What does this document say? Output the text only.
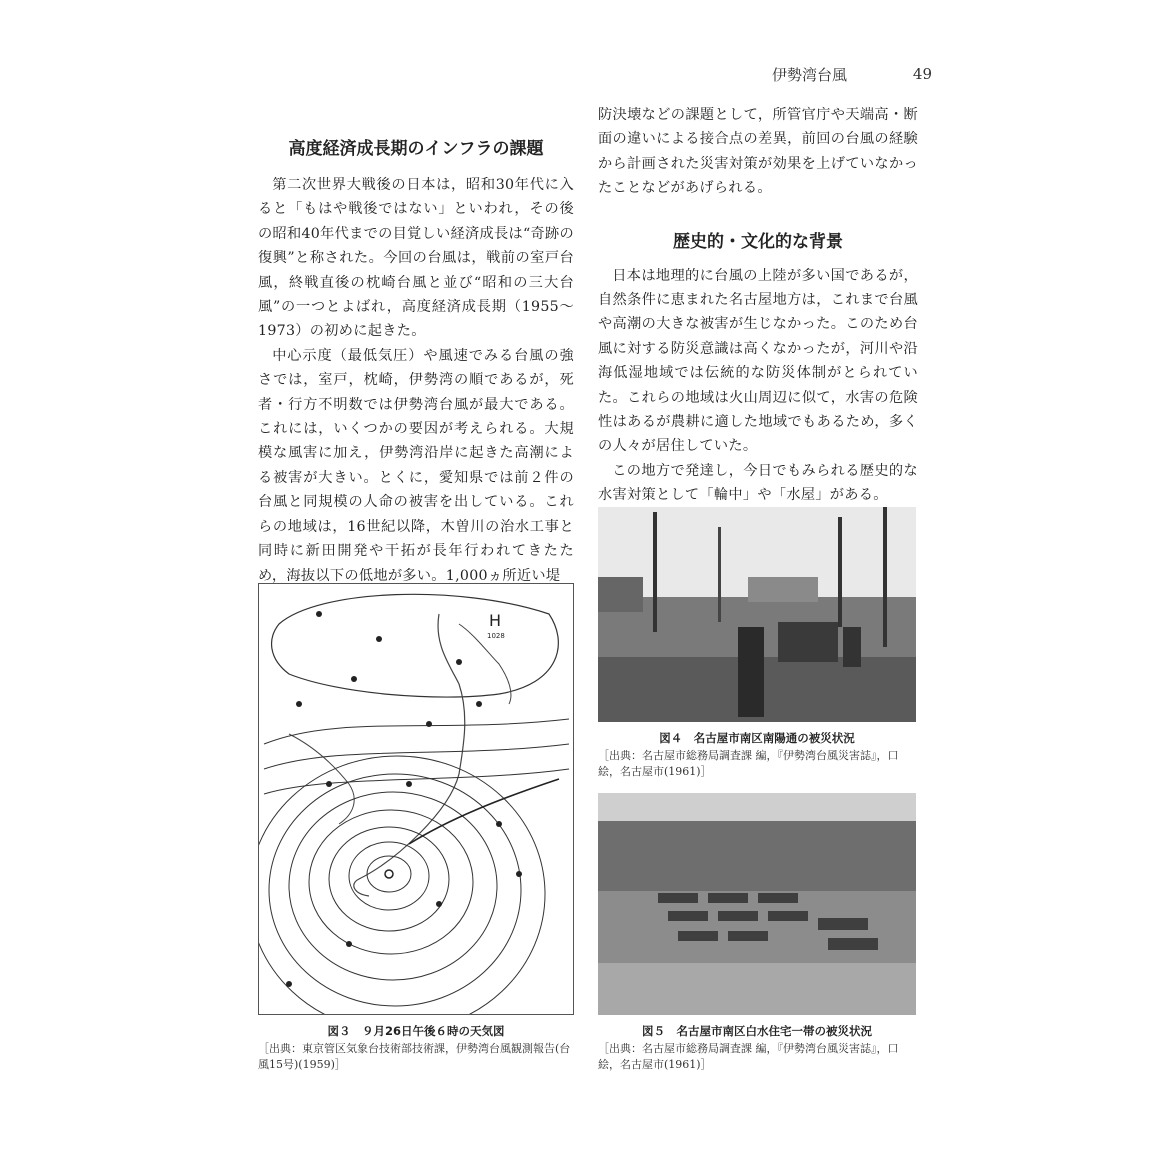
伊勢湾台風	49
高度経済成長期のインフラの課題

第二次世界大戦後の日本は，昭和30年代に入ると「もはや戦後ではない」といわれ，その後の昭和40年代までの目覚しい経済成長は“奇跡の復興”と称された。今回の台風は，戦前の室戸台風，終戦直後の枕崎台風と並び“昭和の三大台風”の一つとよばれ，高度経済成長期（1955〜1973）の初めに起きた。

中心示度（最低気圧）や風速でみる台風の強さでは，室戸，枕崎，伊勢湾の順であるが，死者・行方不明数では伊勢湾台風が最大である。これには，いくつかの要因が考えられる。大規模な風害に加え，伊勢湾沿岸に起きた高潮による被害が大きい。とくに，愛知県では前２件の台風と同規模の人命の被害を出している。これらの地域は，16世紀以降，木曽川の治水工事と同時に新田開発や干拓が長年行われてきたため，海抜以下の低地が多い。1,000ヵ所近い堤

防決壊などの課題として，所管官庁や天端高・断面の違いによる接合点の差異，前回の台風の経験から計画された災害対策が効果を上げていなかったことなどがあげられる。

歴史的・文化的な背景

日本は地理的に台風の上陸が多い国であるが，自然条件に恵まれた名古屋地方は，これまで台風や高潮の大きな被害が生じなかった。このため台風に対する防災意識は高くなかったが，河川や沿海低湿地域では伝統的な防災体制がとられていた。これらの地域は火山周辺に似て，水害の危険性はあるが農耕に適した地域でもあるため，多くの人々が居住していた。

この地方で発達し，今日でもみられる歴史的な水害対策として「輪中」や「水屋」がある。

H
1028
図３　９月26日午後６時の天気図
［出典：東京管区気象台技術部技術課，伊勢湾台風観測報告(台風15号)(1959)］
図４　名古屋市南区南陽通の被災状況
［出典：名古屋市総務局調査課 編，『伊勢湾台風災害誌』，口絵，名古屋市(1961)］
図５　名古屋市南区白水住宅一帯の被災状況
［出典：名古屋市総務局調査課 編，『伊勢湾台風災害誌』，口絵，名古屋市(1961)］
